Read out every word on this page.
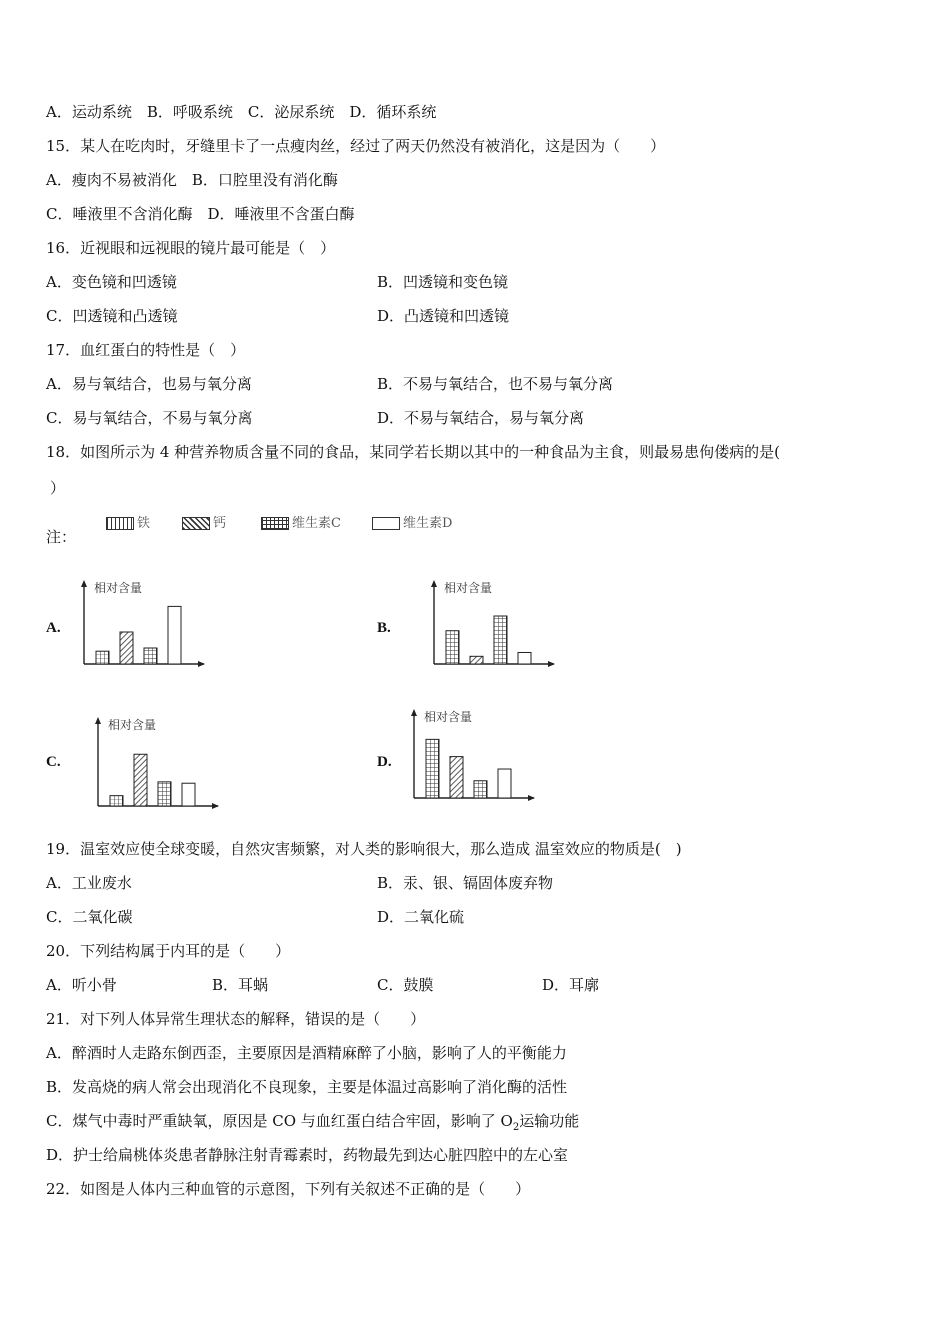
A．运动系统　B．呼吸系统　C．泌尿系统　D．循环系统
15．某人在吃肉时，牙缝里卡了一点瘦肉丝，经过了两天仍然没有被消化，这是因为（　　）
A．瘦肉不易被消化　B．口腔里没有消化酶
C．唾液里不含消化酶　D．唾液里不含蛋白酶
16．近视眼和远视眼的镜片最可能是（　）
A．变色镜和凹透镜	B．凹透镜和变色镜
C．凹透镜和凸透镜	D．凸透镜和凹透镜
17．血红蛋白的特性是（　）
A．易与氧结合，也易与氧分离	B．不易与氧结合，也不易与氧分离
C．易与氧结合，不易与氧分离	D．不易与氧结合，易与氧分离
18．如图所示为 4 种营养物质含量不同的食品，某同学若长期以其中的一种食品为主食，则最易患佝偻病的是(
）
注：
铁	钙	维生素C	维生素D
A.	B.
C.	D.
相对含量	相对含量
相对含量
相对含量
19．温室效应使全球变暖，自然灾害频繁，对人类的影响很大，那么造成 温室效应的物质是(　)
A．工业废水	B．汞、银、镉固体废弃物
C．二氧化碳	D．二氧化硫
20．下列结构属于内耳的是（　　）
A．听小骨	B．耳蜗	C．鼓膜	D．耳廓
21．对下列人体异常生理状态的解释，错误的是（　　）
A．醉酒时人走路东倒西歪，主要原因是酒精麻醉了小脑，影响了人的平衡能力
B．发高烧的病人常会出现消化不良现象，主要是体温过高影响了消化酶的活性
C．煤气中毒时严重缺氧，原因是 CO 与血红蛋白结合牢固，影响了 $O_2$运输功能
D．护士给扁桃体炎患者静脉注射青霉素时，药物最先到达心脏四腔中的左心室
22．如图是人体内三种血管的示意图，下列有关叙述不正确的是（　　）
